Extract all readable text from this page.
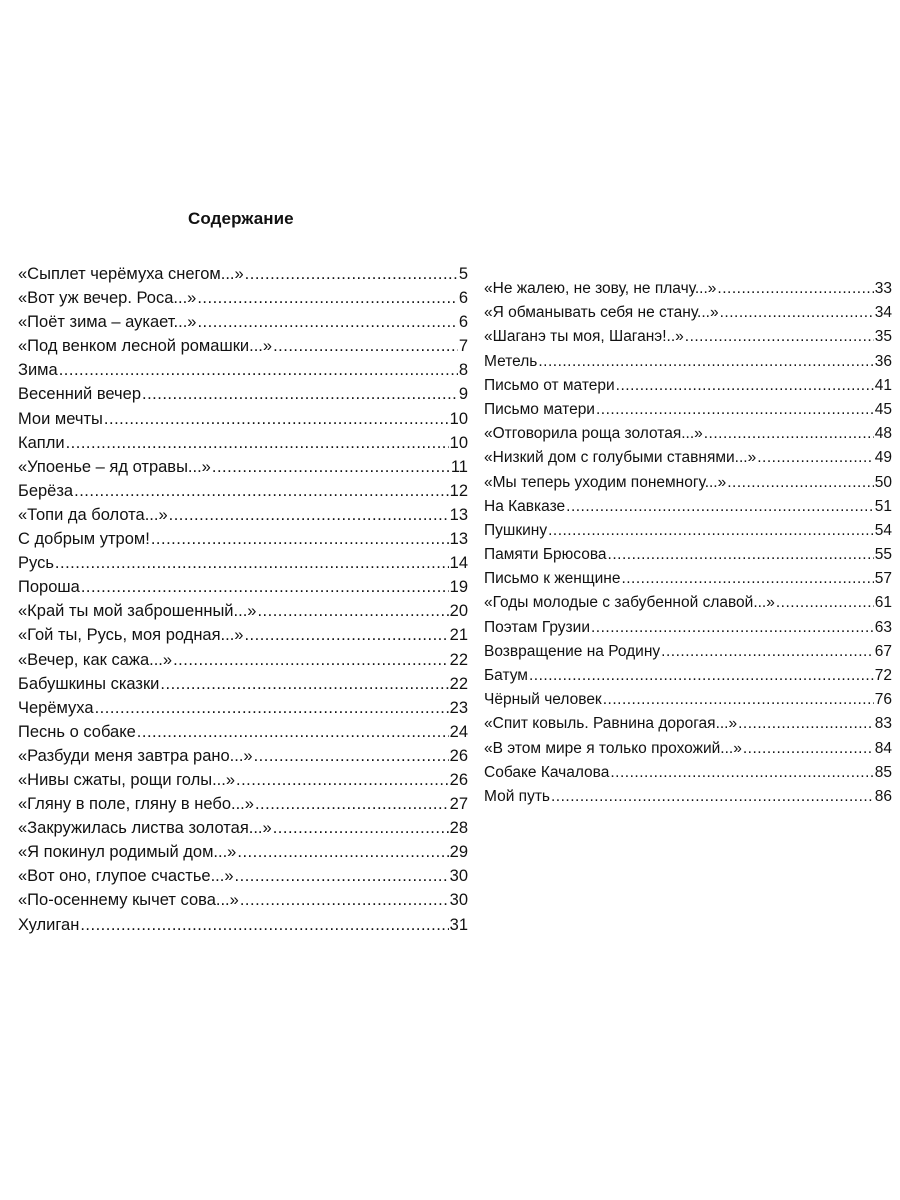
Содержание
«Сыплет черёмуха снегом...» .....	5
«Вот уж вечер. Роса...» .....	6
«Поёт зима – аукает...» .....	6
«Под венком лесной ромашки...» .....	7
Зима .....	8
Весенний вечер .....	9
Мои мечты .....	10
Капли .....	10
«Упоенье – яд отравы...» .....	11
Берёза .....	12
«Топи да болота...» .....	13
С добрым утром! .....	13
Русь .....	14
Пороша .....	19
«Край ты мой заброшенный...» .....	20
«Гой ты, Русь, моя родная...» .....	21
«Вечер, как сажа...» .....	22
Бабушкины сказки .....	22
Черёмуха .....	23
Песнь о собаке .....	24
«Разбуди меня завтра рано...» .....	26
«Нивы сжаты, рощи голы...» .....	26
«Гляну в поле, гляну в небо...» .....	27
«Закружилась листва золотая...» .....	28
«Я покинул родимый дом...» .....	29
«Вот оно, глупое счастье...» .....	30
«По-осеннему кычет сова...» .....	30
Хулиган .....	31
«Не жалею, не зову, не плачу...» .....	33
«Я обманывать себя не стану...» .....	34
«Шаганэ ты моя, Шаганэ!..» .....	35
Метель .....	36
Письмо от матери .....	41
Письмо матери .....	45
«Отговорила роща золотая...» .....	48
«Низкий дом с голубыми ставнями...» .....	49
«Мы теперь уходим понемногу...» .....	50
На Кавказе .....	51
Пушкину .....	54
Памяти Брюсова .....	55
Письмо к женщине .....	57
«Годы молодые с забубенной славой...» .....	61
Поэтам Грузии .....	63
Возвращение на Родину .....	67
Батум .....	72
Чёрный человек .....	76
«Спит ковыль. Равнина дорогая...» .....	83
«В этом мире я только прохожий...» .....	84
Собаке Качалова .....	85
Мой путь .....	86
